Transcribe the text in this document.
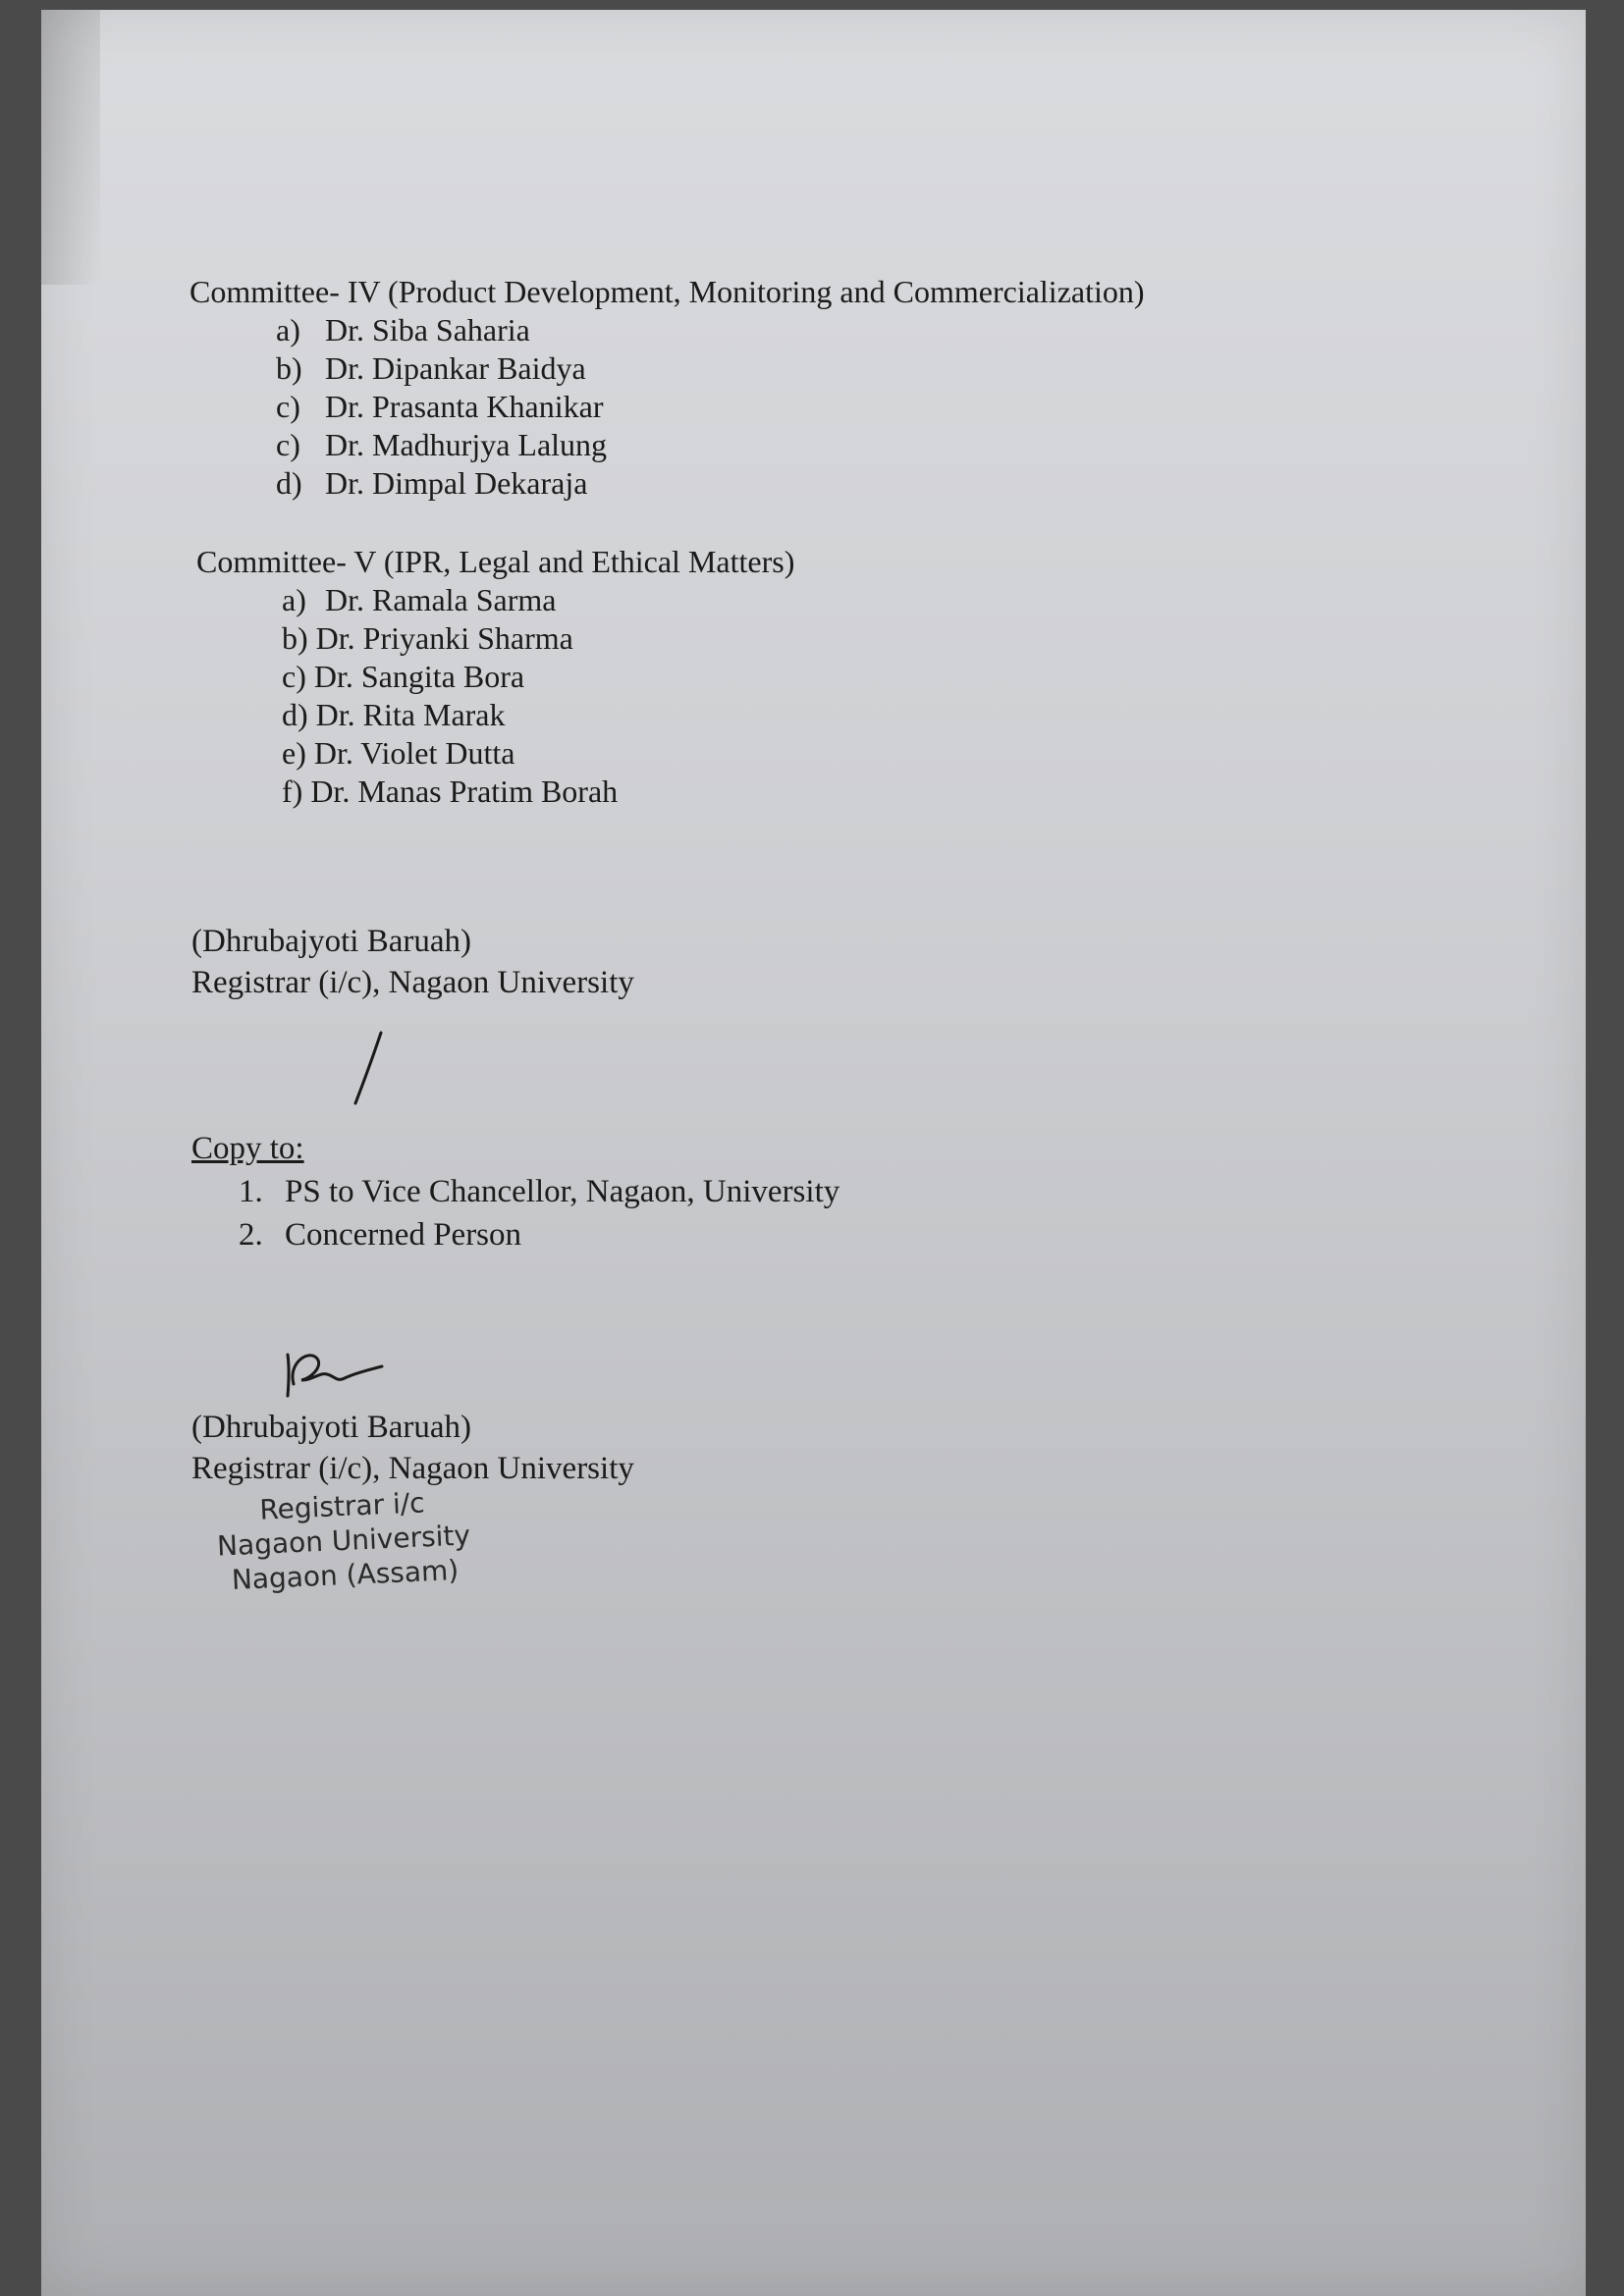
Committee- IV (Product Development, Monitoring and Commercialization)
a) Dr. Siba Saharia
b) Dr. Dipankar Baidya
c) Dr. Prasanta Khanikar
c) Dr. Madhurjya Lalung
d) Dr. Dimpal Dekaraja
Committee- V (IPR, Legal and Ethical Matters)
a) Dr. Ramala Sarma
b) Dr. Priyanki Sharma
c) Dr. Sangita Bora
d) Dr. Rita Marak
e) Dr. Violet Dutta
f) Dr. Manas Pratim Borah
(Dhrubajyoti Baruah)
Registrar (i/c), Nagaon University
Copy to:
1. PS to Vice Chancellor, Nagaon, University
2. Concerned Person
(Dhrubajyoti Baruah)
Registrar (i/c), Nagaon University
Registrar i/c
Nagaon University
Nagaon (Assam)
